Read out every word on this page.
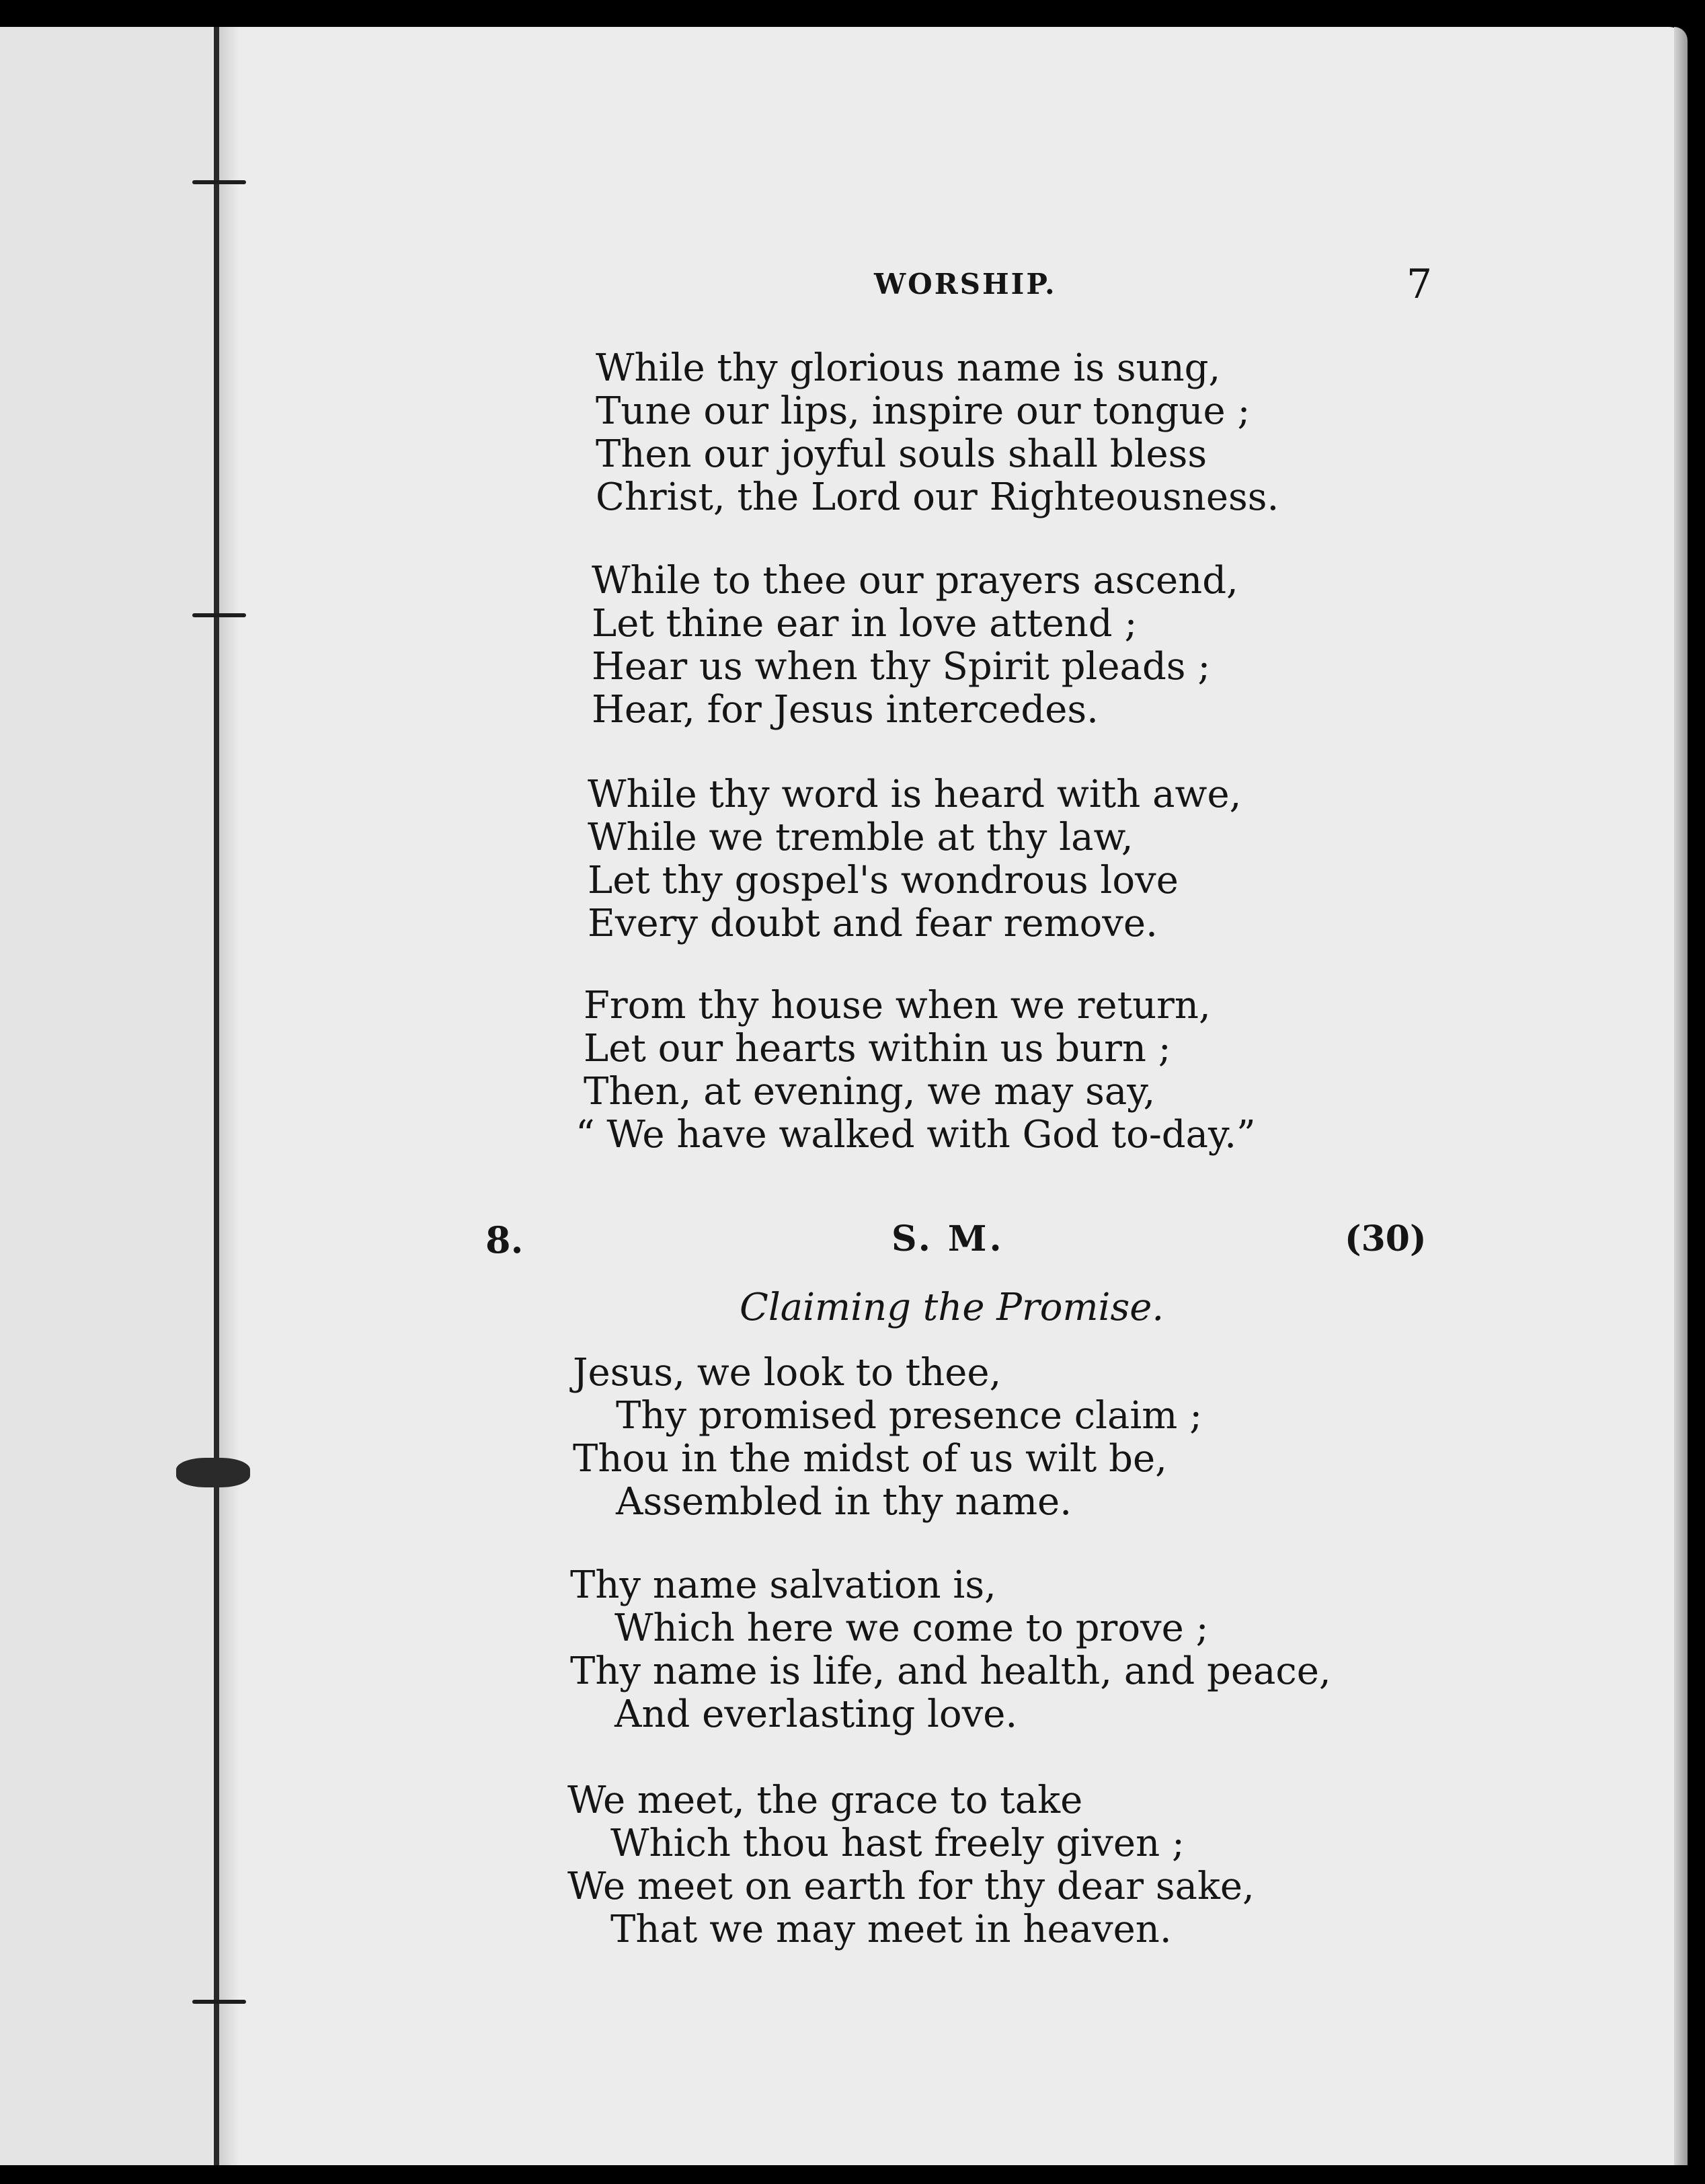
WORSHIP.	7
While thy glorious name is sung,
Tune our lips, inspire our tongue ;
Then our joyful souls shall bless
Christ, the Lord our Righteousness.
While to thee our prayers ascend,
Let thine ear in love attend ;
Hear us when thy Spirit pleads ;
Hear, for Jesus intercedes.
While thy word is heard with awe,
While we tremble at thy law,
Let thy gospel's wondrous love
Every doubt and fear remove.
From thy house when we return,
Let our hearts within us burn ;
Then, at evening, we may say,
“ We have walked with God to-day.”
8.	S. M.	(30)
Claiming the Promise.
Jesus, we look to thee,
Thy promised presence claim ;
Thou in the midst of us wilt be,
Assembled in thy name.
Thy name salvation is,
Which here we come to prove ;
Thy name is life, and health, and peace,
And everlasting love.
We meet, the grace to take
Which thou hast freely given ;
We meet on earth for thy dear sake,
That we may meet in heaven.
